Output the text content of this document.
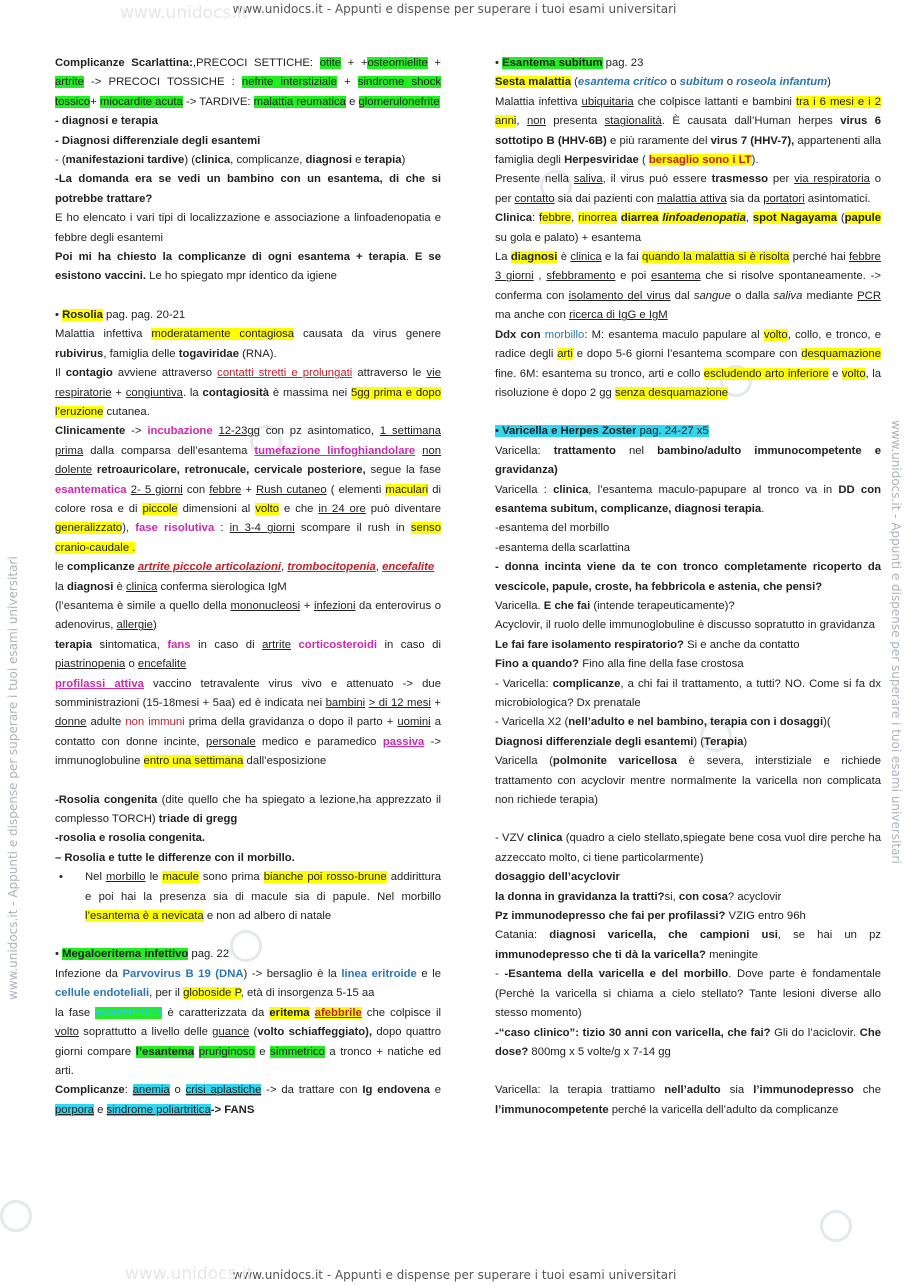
www.unidocs.it - Appunti e dispense per superare i tuoi esami universitari
www.unidocs.it - Appunti e dispense per superare i tuoi esami universitari
www.unidocs.it
www.unidocs.it
www.unidocs.it - Appunti e dispense per superare i tuoi esami universitari	www.unidocs.it - Appunti e dispense per superare i tuoi esami universitari

Complicanze Scarlattina:,PRECOCI SETTICHE: otite + +osteomielite + artrite -> PRECOCI TOSSICHE : nefrite interstiziale + sindrome shock tossico+ miocardite acuta -> TARDIVE: malattia reumatica e glomerulonefrite

- diagnosi e terapia

- Diagnosi differenziale degli esantemi

- (manifestazioni tardive) (clinica, complicanze, diagnosi e terapia)

-La domanda era se vedi un bambino con un esantema, di che si potrebbe trattare?

E ho elencato i vari tipi di localizzazione e associazione a linfoadenopatia e febbre degli esantemi

Poi mi ha chiesto la complicanze di ogni esantema + terapia. E se esistono vaccini. Le ho spiegato mpr identico da igiene

• Rosolia pag. pag. 20-21

Malattia infettiva moderatamente contagiosa causata da virus genere rubivirus, famiglia delle togaviridae (RNA).

Il contagio avviene attraverso contatti stretti e prolungati attraverso le vie respiratorie + congiuntiva. la contagiosità è massima nei 5gg prima e dopo l’eruzione cutanea.

Clinicamente -> incubazione 12-23gg con pz asintomatico, 1 settimana prima dalla comparsa dell’esantema tumefazione linfoghiandolare non dolente retroauricolare, retronucale, cervicale posteriore, segue la fase esantematica 2- 5 giorni con febbre + Rush cutaneo ( elementi maculari di colore rosa e di piccole dimensioni al volto e che in 24 ore può diventare generalizzato), fase risolutiva : in 3-4 giorni scompare il rush in senso cranio-caudale .

le complicanze artrite piccole articolazioni, trombocitopenia, encefalite

la diagnosi è clinica conferma sierologica IgM

(l’esantema è simile a quello della mononucleosi + infezioni da enterovirus o adenovirus, allergie)

terapia sintomatica, fans in caso di artrite corticosteroidi in caso di piastrinopenia o encefalite

profilassi attiva vaccino tetravalente virus vivo e attenuato -> due somministrazioni (15-18mesi + 5aa) ed è indicata nei bambini > di 12 mesi + donne adulte non immuni prima della gravidanza o dopo il parto + uomini a contatto con donne incinte, personale medico e paramedico passiva -> immunoglobuline entro una settimana dall’esposizione

-Rosolia congenita (dite quello che ha spiegato a lezione,ha apprezzato il complesso TORCH) triade di gregg

-rosolia e rosolia congenita.

– Rosolia e tutte le differenze con il morbillo.

• Nel morbillo le macule sono prima bianche poi rosso-brune addirittura e poi hai la presenza sia di macule sia di papule. Nel morbillo l’esantema è a nevicata e non ad albero di natale

• Megaloeritema infettivo pag. 22

Infezione da Parvovirus B 19 (DNA) -> bersaglio è la linea eritroide e le cellule endoteliali, per il globoside P, età di insorgenza 5-15 aa

la fase esantematica è caratterizzata da eritema afebbrile che colpisce il volto soprattutto a livello delle guance (volto schiaffeggiato), dopo quattro giorni compare l’esantema pruriginoso e simmetrico a tronco + natiche ed arti.

Complicanze: anemia o crisi aplastiche -> da trattare con Ig endovena e porpora e sindrome poliartritica-> FANS

• Esantema subitum pag. 23

Sesta malattia (esantema critico o subitum o roseola infantum)

Malattia infettiva ubiquitaria che colpisce lattanti e bambini tra i 6 mesi e i 2 anni, non presenta stagionalità. È causata dall’Human herpes virus 6 sottotipo B (HHV-6B) e più raramente del virus 7 (HHV-7), appartenenti alla famiglia degli Herpesviridae ( bersaglio sono i LT).

Presente nella saliva, il virus può essere trasmesso per via respiratoria o per contatto sia dai pazienti con malattia attiva sia da portatori asintomatici.

Clinica: febbre, rinorrea diarrea linfoadenopatia, spot Nagayama (papule su gola e palato) + esantema

La diagnosi è clinica e la fai quando la malattia si è risolta perché hai febbre 3 giorni , sfebbramento e poi esantema che si risolve spontaneamente. -> conferma con isolamento del virus dal sangue o dalla saliva mediante PCR ma anche con ricerca di IgG e IgM

Ddx con morbillo: M: esantema maculo papulare al volto, collo, e tronco, e radice degli arti e dopo 5-6 giorni l’esantema scompare con desquamazione fine. 6M: esantema su tronco, arti e collo escludendo arto inferiore e volto, la risoluzione è dopo 2 gg senza desquamazione

• Varicella e Herpes Zoster pag. 24-27 x5

Varicella: trattamento nel bambino/adulto immunocompetente e gravidanza)

Varicella : clinica, l’esantema maculo-papupare al tronco va in DD con esantema subitum, complicanze, diagnosi terapia.

-esantema del morbillo

-esantema della scarlattina

- donna incinta viene da te con tronco completamente ricoperto da vescicole, papule, croste, ha febbricola e astenia, che pensi?

Varicella. E che fai (intende terapeuticamente)?

Acyclovir, il ruolo delle immunoglobuline è discusso sopratutto in gravidanza

Le fai fare isolamento respiratorio? Si e anche da contatto

Fino a quando? Fino alla fine della fase crostosa

- Varicella: complicanze, a chi fai il trattamento, a tutti? NO. Come si fa dx microbiologica? Dx prenatale

- Varicella X2 (nell’adulto e nel bambino, terapia con i dosaggi)(

Diagnosi differenziale degli esantemi) (Terapia)

Varicella (polmonite varicellosa è severa, interstiziale e richiede trattamento con acyclovir mentre normalmente la varicella non complicata non richiede terapia)

- VZV clinica (quadro a cielo stellato,spiegate bene cosa vuol dire perche ha azzeccato molto, ci tiene particolarmente)

dosaggio dell’acyclovir

la donna in gravidanza la tratti?si, con cosa? acyclovir

Pz immunodepresso che fai per profilassi? VZIG entro 96h

Catania: diagnosi varicella, che campioni usi, se hai un pz immunodepresso che ti dà la varicella? meningite

- -Esantema della varicella e del morbillo. Dove parte è fondamentale (Perchè la varicella si chiama a cielo stellato? Tante lesioni diverse allo stesso momento)

-“caso clinico”: tizio 30 anni con varicella, che fai? Gli do l’aciclovir. Che dose? 800mg x 5 volte/g x 7-14 gg

Varicella: la terapia trattiamo nell’adulto sia l’immunodepresso che l’immunocompetente perché la varicella dell’adulto da complicanze
